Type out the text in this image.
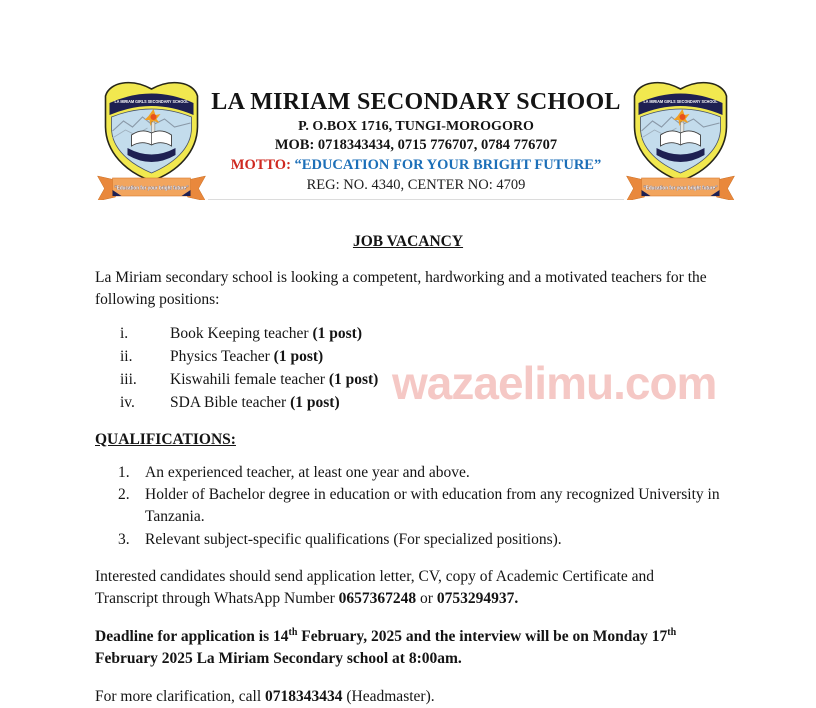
LA MIRIAM GIRLS SECONDARY SCHOOL
“Education for your bright future”
LA MIRIAM SECONDARY SCHOOL
P. O.BOX 1716, TUNGI-MOROGORO
MOB: 0718343434, 0715 776707, 0784 776707
MOTTO: “EDUCATION FOR YOUR BRIGHT FUTURE”
REG: NO. 4340, CENTER NO: 4709
LA MIRIAM GIRLS SECONDARY SCHOOL
“Education for your bright future”
JOB VACANCY

La Miriam secondary school is looking a competent, hardworking and a motivated teachers for the following positions:

i.	Book Keeping teacher (1 post)
ii.	Physics Teacher (1 post)
iii.	Kiswahili female teacher (1 post)
iv.	SDA Bible teacher (1 post)
QUALIFICATIONS:
1. An experienced teacher, at least one year and above.
2. Holder of Bachelor degree in education or with education from any recognized University in Tanzania.
3. Relevant subject-specific qualifications (For specialized positions).

Interested candidates should send application letter, CV, copy of Academic Certificate and Transcript through WhatsApp Number 0657367248 or 0753294937.

Deadline for application is 14th February, 2025 and the interview will be on Monday 17th February 2025 La Miriam Secondary school at 8:00am.

For more clarification, call 0718343434 (Headmaster).

wazaelimu.com
